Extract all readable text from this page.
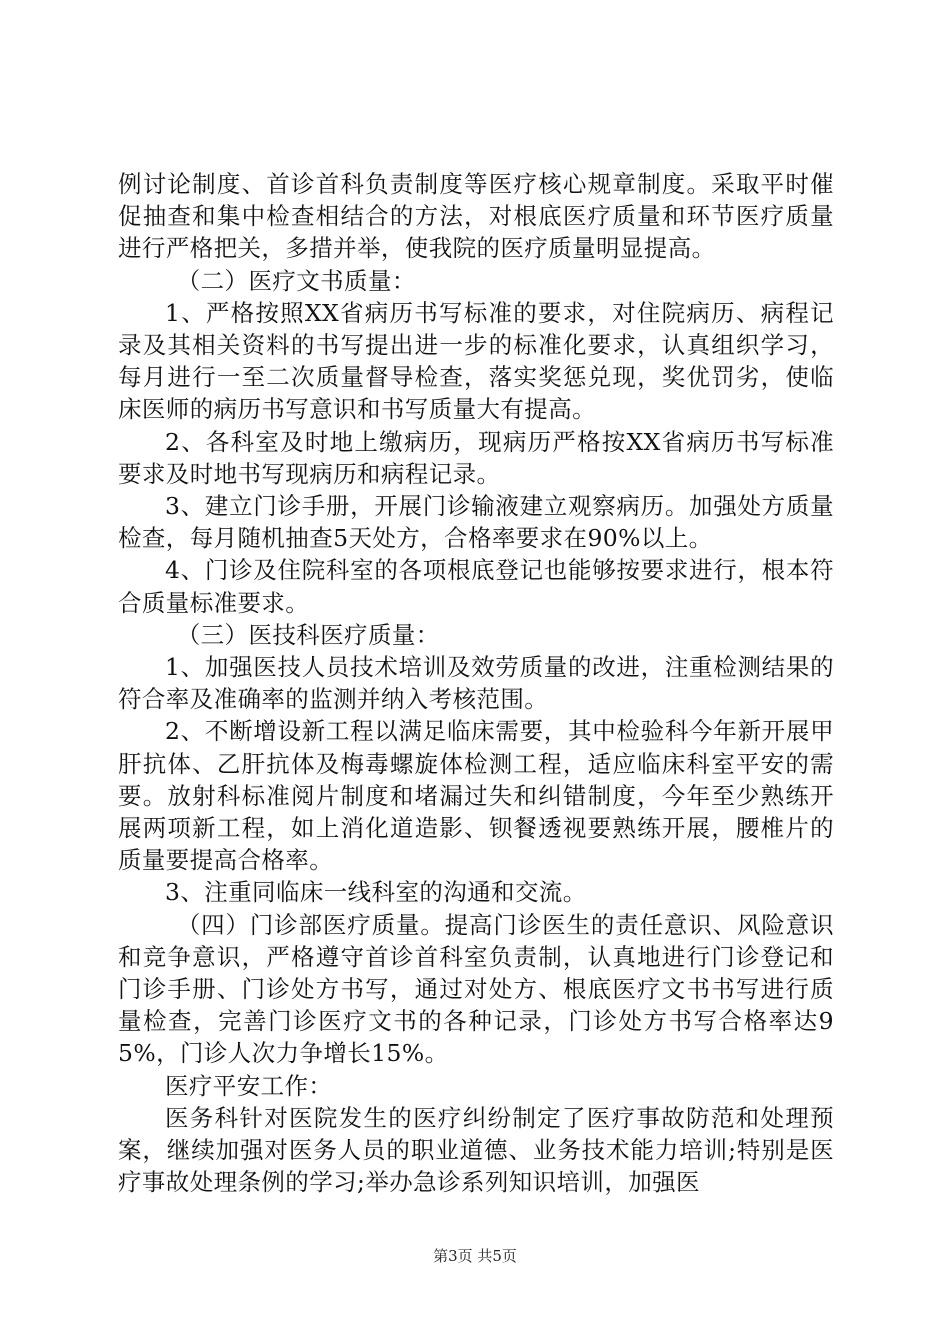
例讨论制度、首诊首科负责制度等医疗核心规章制度。采取平时催促抽查和集中检查相结合的方法，对根底医疗质量和环节医疗质量进行严格把关，多措并举，使我院的医疗质量明显提高。

（二）医疗文书质量：

1、严格按照XX省病历书写标准的要求，对住院病历、病程记录及其相关资料的书写提出进一步的标准化要求，认真组织学习，每月进行一至二次质量督导检查，落实奖惩兑现，奖优罚劣，使临床医师的病历书写意识和书写质量大有提高。

2、各科室及时地上缴病历，现病历严格按XX省病历书写标准要求及时地书写现病历和病程记录。

3、建立门诊手册，开展门诊输液建立观察病历。加强处方质量检查，每月随机抽查5天处方，合格率要求在90%以上。

4、门诊及住院科室的各项根底登记也能够按要求进行，根本符合质量标准要求。

（三）医技科医疗质量：

1、加强医技人员技术培训及效劳质量的改进，注重检测结果的符合率及准确率的监测并纳入考核范围。

2、不断增设新工程以满足临床需要，其中检验科今年新开展甲肝抗体、乙肝抗体及梅毒螺旋体检测工程，适应临床科室平安的需要。放射科标准阅片制度和堵漏过失和纠错制度，今年至少熟练开展两项新工程，如上消化道造影、钡餐透视要熟练开展，腰椎片的质量要提高合格率。

3、注重同临床一线科室的沟通和交流。

（四）门诊部医疗质量。提高门诊医生的责任意识、风险意识和竞争意识，严格遵守首诊首科室负责制，认真地进行门诊登记和门诊手册、门诊处方书写，通过对处方、根底医疗文书书写进行质量检查，完善门诊医疗文书的各种记录，门诊处方书写合格率达95%，门诊人次力争增长15%。

医疗平安工作：

医务科针对医院发生的医疗纠纷制定了医疗事故防范和处理预案，继续加强对医务人员的职业道德、业务技术能力培训;特别是医疗事故处理条例的学习;举办急诊系列知识培训，加强医

第3页 共5页
